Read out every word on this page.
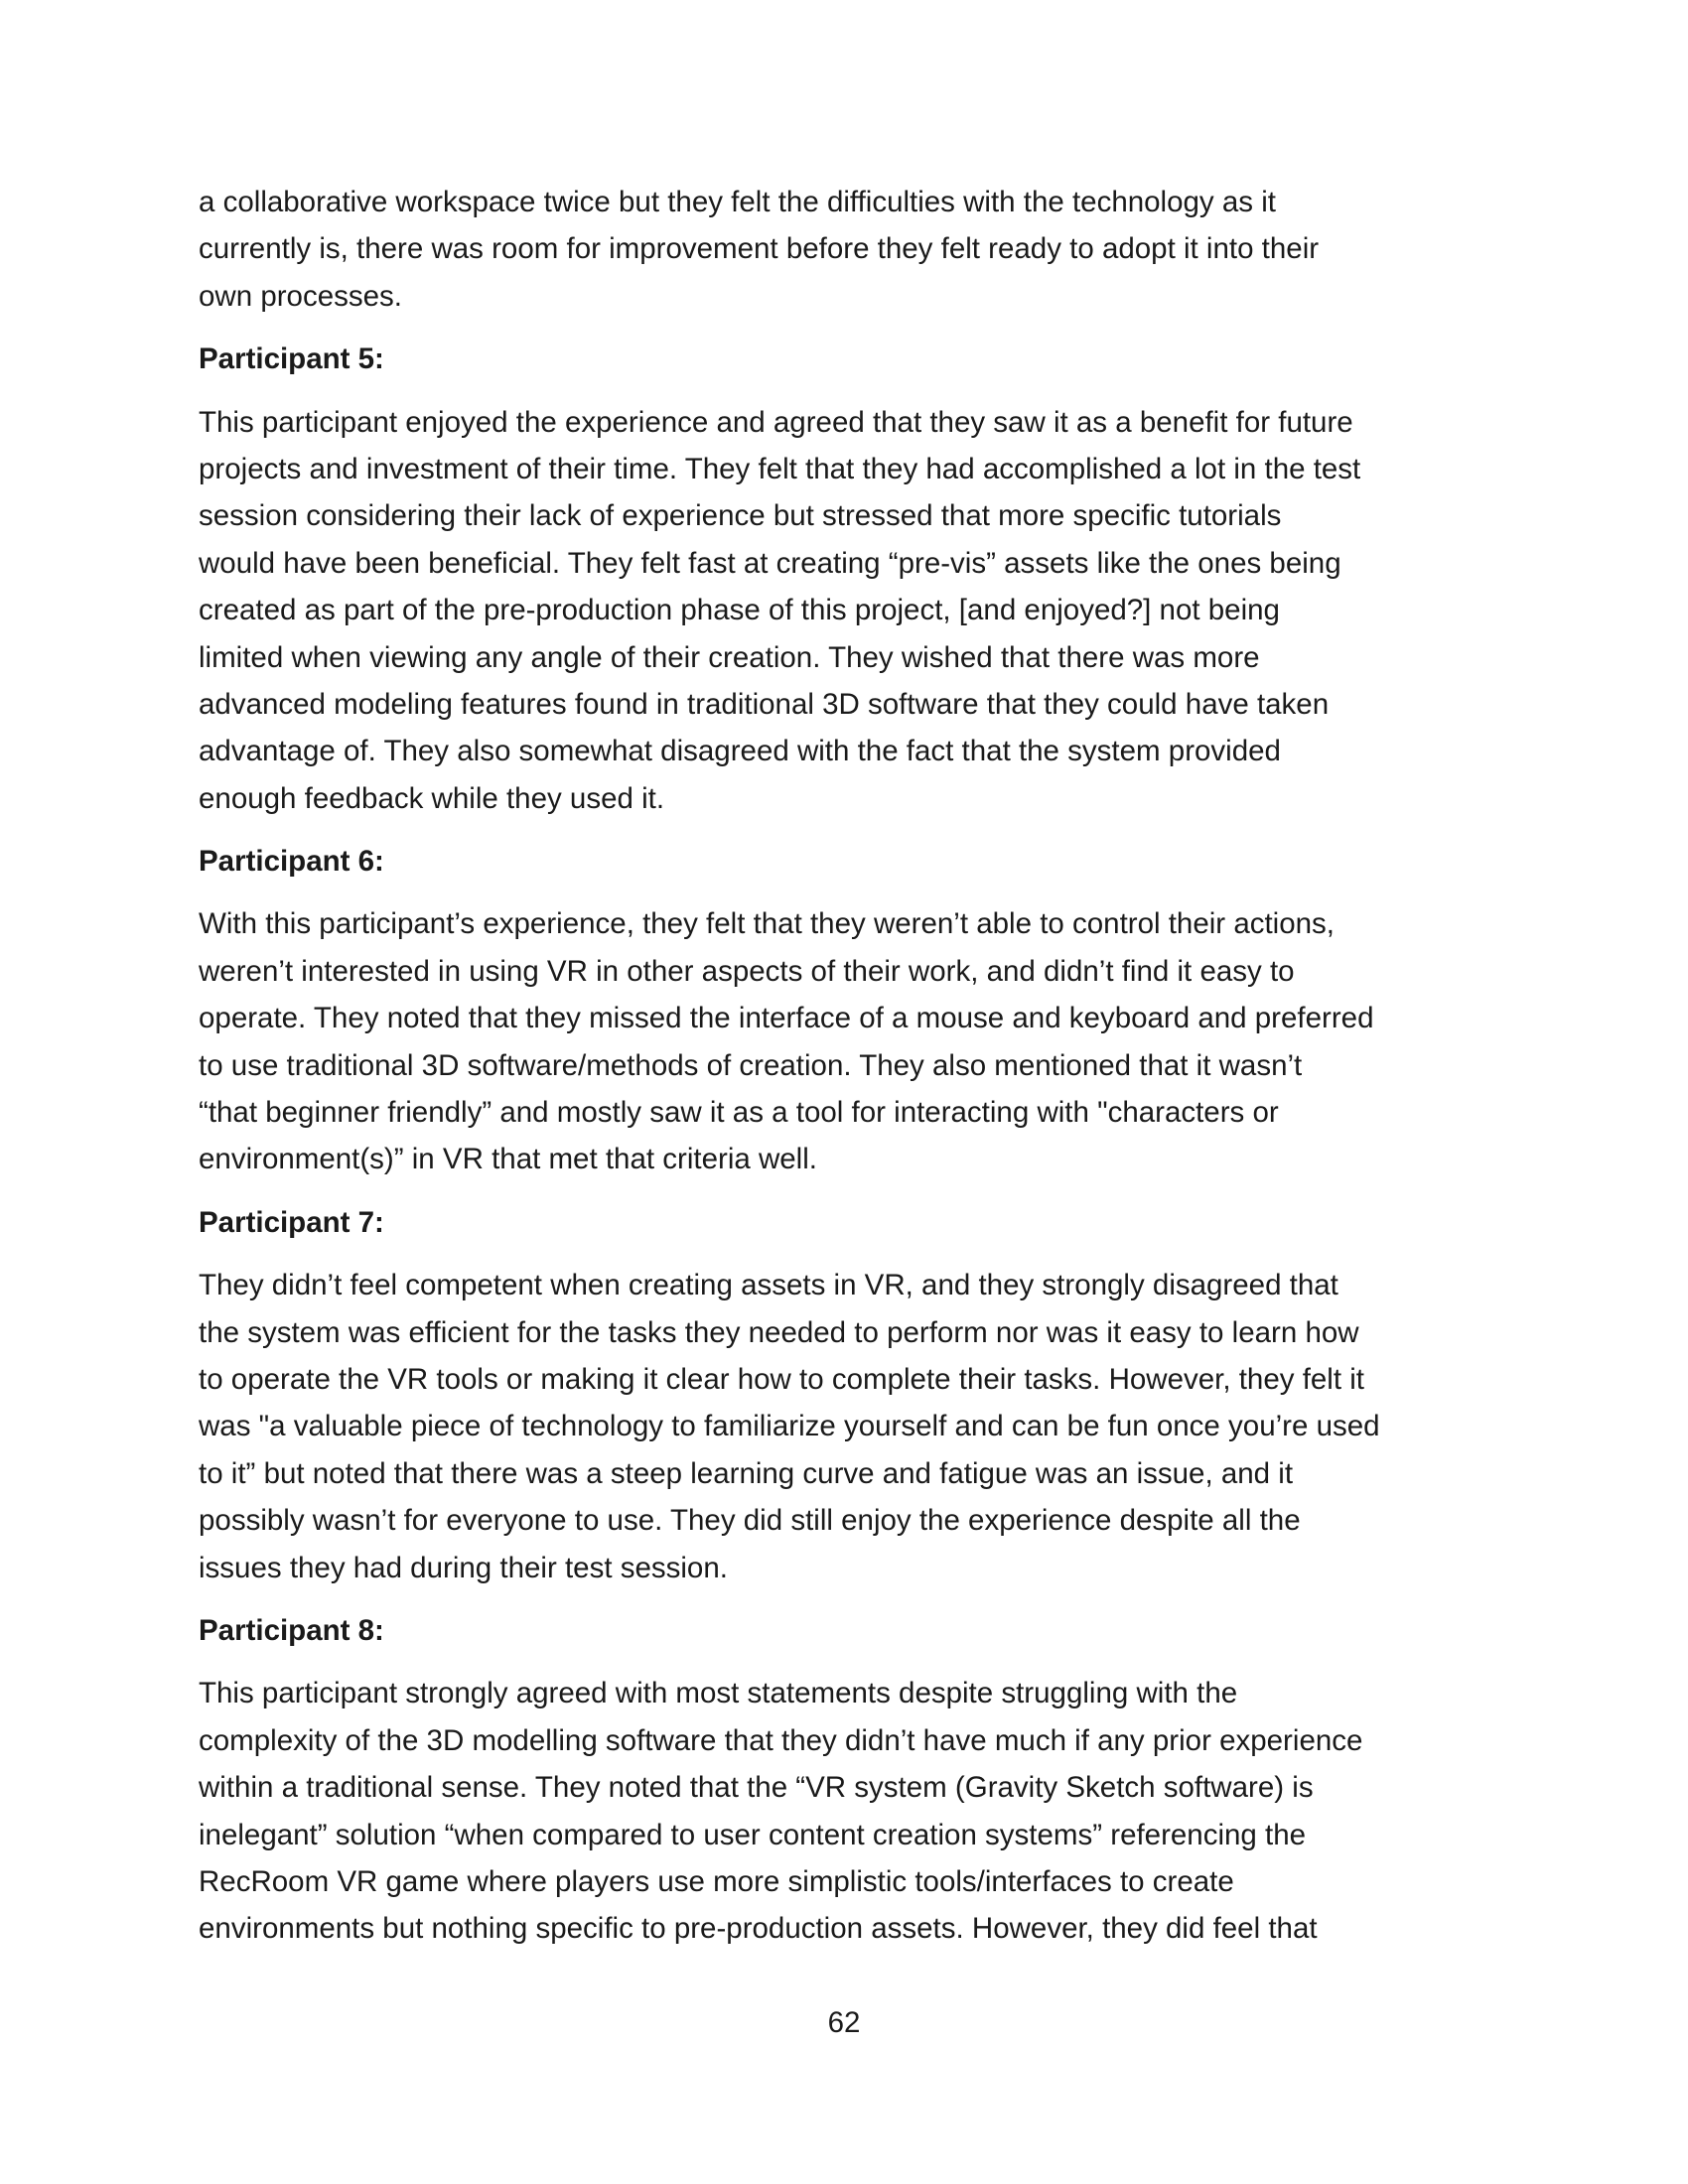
a collaborative workspace twice but they felt the difficulties with the technology as it
currently is, there was room for improvement before they felt ready to adopt it into their
own processes.
Participant 5:
This participant enjoyed the experience and agreed that they saw it as a benefit for future
projects and investment of their time. They felt that they had accomplished a lot in the test
session considering their lack of experience but stressed that more specific tutorials
would have been beneficial. They felt fast at creating “pre-vis” assets like the ones being
created as part of the pre-production phase of this project, [and enjoyed?] not being
limited when viewing any angle of their creation. They wished that there was more
advanced modeling features found in traditional 3D software that they could have taken
advantage of. They also somewhat disagreed with the fact that the system provided
enough feedback while they used it.
Participant 6:
With this participant’s experience, they felt that they weren’t able to control their actions,
weren’t interested in using VR in other aspects of their work, and didn’t find it easy to
operate. They noted that they missed the interface of a mouse and keyboard and preferred
to use traditional 3D software/methods of creation. They also mentioned that it wasn’t
“that beginner friendly” and mostly saw it as a tool for interacting with "characters or
environment(s)” in VR that met that criteria well.
Participant 7:
They didn’t feel competent when creating assets in VR, and they strongly disagreed that
the system was efficient for the tasks they needed to perform nor was it easy to learn how
to operate the VR tools or making it clear how to complete their tasks. However, they felt it
was "a valuable piece of technology to familiarize yourself and can be fun once you’re used
to it” but noted that there was a steep learning curve and fatigue was an issue, and it
possibly wasn’t for everyone to use. They did still enjoy the experience despite all the
issues they had during their test session.
Participant 8:
This participant strongly agreed with most statements despite struggling with the
complexity of the 3D modelling software that they didn’t have much if any prior experience
within a traditional sense. They noted that the “VR system (Gravity Sketch software) is
inelegant” solution “when compared to user content creation systems” referencing the
RecRoom VR game where players use more simplistic tools/interfaces to create
environments but nothing specific to pre-production assets. However, they did feel that
62
